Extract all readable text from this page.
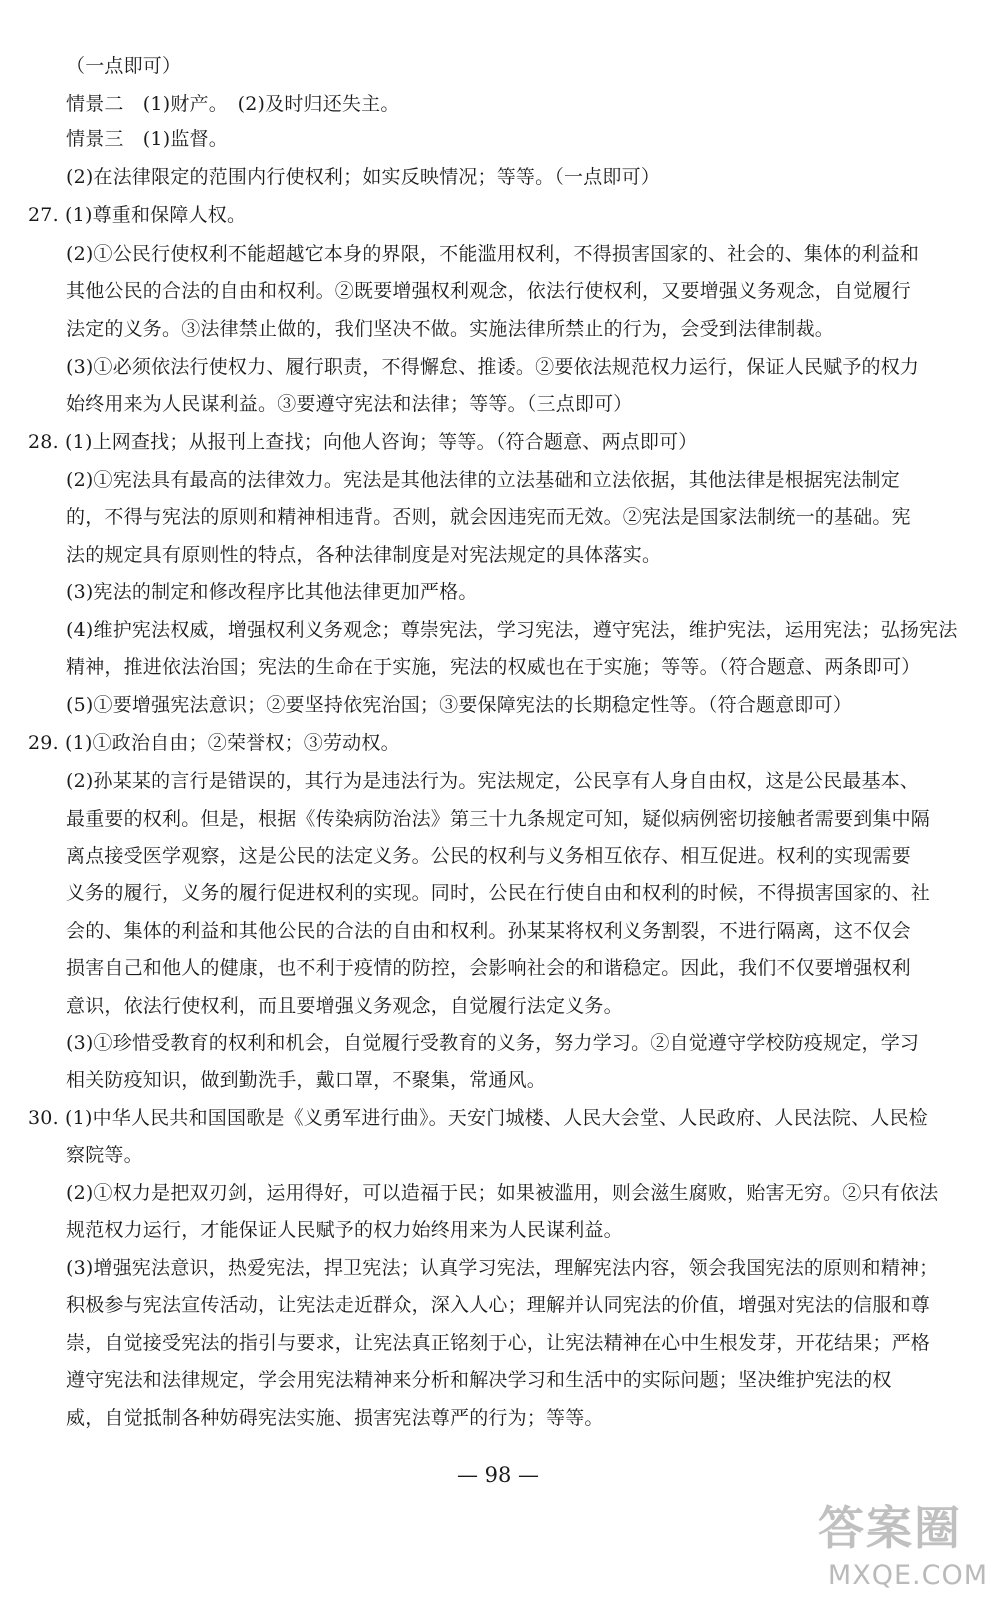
（一点即可）
情景二　(1)财产。　(2)及时归还失主。
情景三　(1)监督。
(2)在法律限定的范围内行使权利；如实反映情况；等等。（一点即可）
27. (1)尊重和保障人权。
(2)①公民行使权利不能超越它本身的界限，不能滥用权利，不得损害国家的、社会的、集体的利益和
其他公民的合法的自由和权利。②既要增强权利观念，依法行使权利，又要增强义务观念，自觉履行
法定的义务。③法律禁止做的，我们坚决不做。实施法律所禁止的行为，会受到法律制裁。
(3)①必须依法行使权力、履行职责，不得懈怠、推诿。②要依法规范权力运行，保证人民赋予的权力
始终用来为人民谋利益。③要遵守宪法和法律；等等。（三点即可）
28. (1)上网查找；从报刊上查找；向他人咨询；等等。（符合题意、两点即可）
(2)①宪法具有最高的法律效力。宪法是其他法律的立法基础和立法依据，其他法律是根据宪法制定
的，不得与宪法的原则和精神相违背。否则，就会因违宪而无效。②宪法是国家法制统一的基础。宪
法的规定具有原则性的特点，各种法律制度是对宪法规定的具体落实。
(3)宪法的制定和修改程序比其他法律更加严格。
(4)维护宪法权威，增强权利义务观念；尊崇宪法，学习宪法，遵守宪法，维护宪法，运用宪法；弘扬宪法
精神，推进依法治国；宪法的生命在于实施，宪法的权威也在于实施；等等。（符合题意、两条即可）
(5)①要增强宪法意识；②要坚持依宪治国；③要保障宪法的长期稳定性等。（符合题意即可）
29. (1)①政治自由；②荣誉权；③劳动权。
(2)孙某某的言行是错误的，其行为是违法行为。宪法规定，公民享有人身自由权，这是公民最基本、
最重要的权利。但是，根据《传染病防治法》第三十九条规定可知，疑似病例密切接触者需要到集中隔
离点接受医学观察，这是公民的法定义务。公民的权利与义务相互依存、相互促进。权利的实现需要
义务的履行，义务的履行促进权利的实现。同时，公民在行使自由和权利的时候，不得损害国家的、社
会的、集体的利益和其他公民的合法的自由和权利。孙某某将权利义务割裂，不进行隔离，这不仅会
损害自己和他人的健康，也不利于疫情的防控，会影响社会的和谐稳定。因此，我们不仅要增强权利
意识，依法行使权利，而且要增强义务观念，自觉履行法定义务。
(3)①珍惜受教育的权利和机会，自觉履行受教育的义务，努力学习。②自觉遵守学校防疫规定，学习
相关防疫知识，做到勤洗手，戴口罩，不聚集，常通风。
30. (1)中华人民共和国国歌是《义勇军进行曲》。天安门城楼、人民大会堂、人民政府、人民法院、人民检
察院等。
(2)①权力是把双刃剑，运用得好，可以造福于民；如果被滥用，则会滋生腐败，贻害无穷。②只有依法
规范权力运行，才能保证人民赋予的权力始终用来为人民谋利益。
(3)增强宪法意识，热爱宪法，捍卫宪法；认真学习宪法，理解宪法内容，领会我国宪法的原则和精神；
积极参与宪法宣传活动，让宪法走近群众，深入人心；理解并认同宪法的价值，增强对宪法的信服和尊
崇，自觉接受宪法的指引与要求，让宪法真正铭刻于心，让宪法精神在心中生根发芽，开花结果；严格
遵守宪法和法律规定，学会用宪法精神来分析和解决学习和生活中的实际问题；坚决维护宪法的权
威，自觉抵制各种妨碍宪法实施、损害宪法尊严的行为；等等。
— 98 —
答案圈
MXQE.COM
